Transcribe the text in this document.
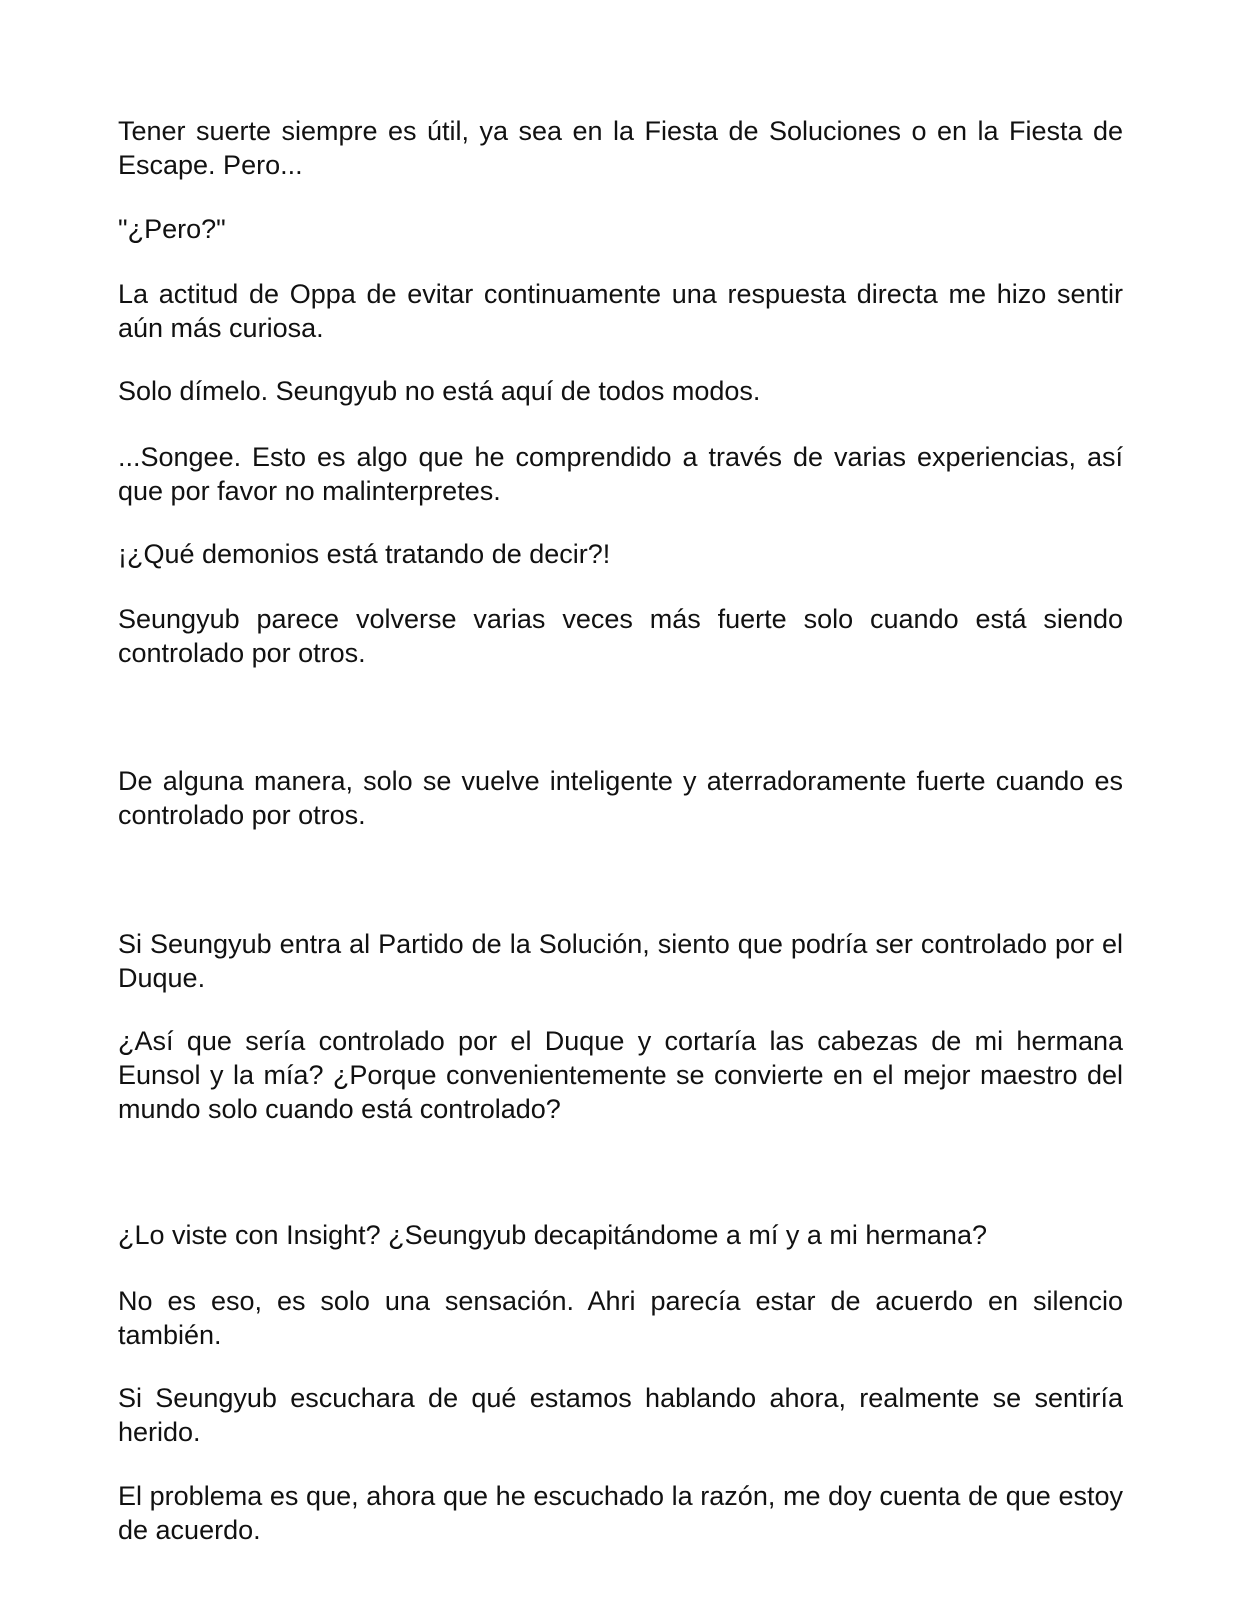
Tener suerte siempre es útil, ya sea en la Fiesta de Soluciones o en la Fiesta de Escape. Pero...

"¿Pero?"

La actitud de Oppa de evitar continuamente una respuesta directa me hizo sentir aún más curiosa.

Solo dímelo. Seungyub no está aquí de todos modos.

...Songee. Esto es algo que he comprendido a través de varias experiencias, así que por favor no malinterpretes.

¡¿Qué demonios está tratando de decir?!

Seungyub parece volverse varias veces más fuerte solo cuando está siendo controlado por otros.

De alguna manera, solo se vuelve inteligente y aterradoramente fuerte cuando es controlado por otros.

Si Seungyub entra al Partido de la Solución, siento que podría ser controlado por el Duque.

¿Así que sería controlado por el Duque y cortaría las cabezas de mi hermana Eunsol y la mía? ¿Porque convenientemente se convierte en el mejor maestro del mundo solo cuando está controlado?

¿Lo viste con Insight? ¿Seungyub decapitándome a mí y a mi hermana?

No es eso, es solo una sensación. Ahri parecía estar de acuerdo en silencio también.

Si Seungyub escuchara de qué estamos hablando ahora, realmente se sentiría herido.

El problema es que, ahora que he escuchado la razón, me doy cuenta de que estoy de acuerdo.
